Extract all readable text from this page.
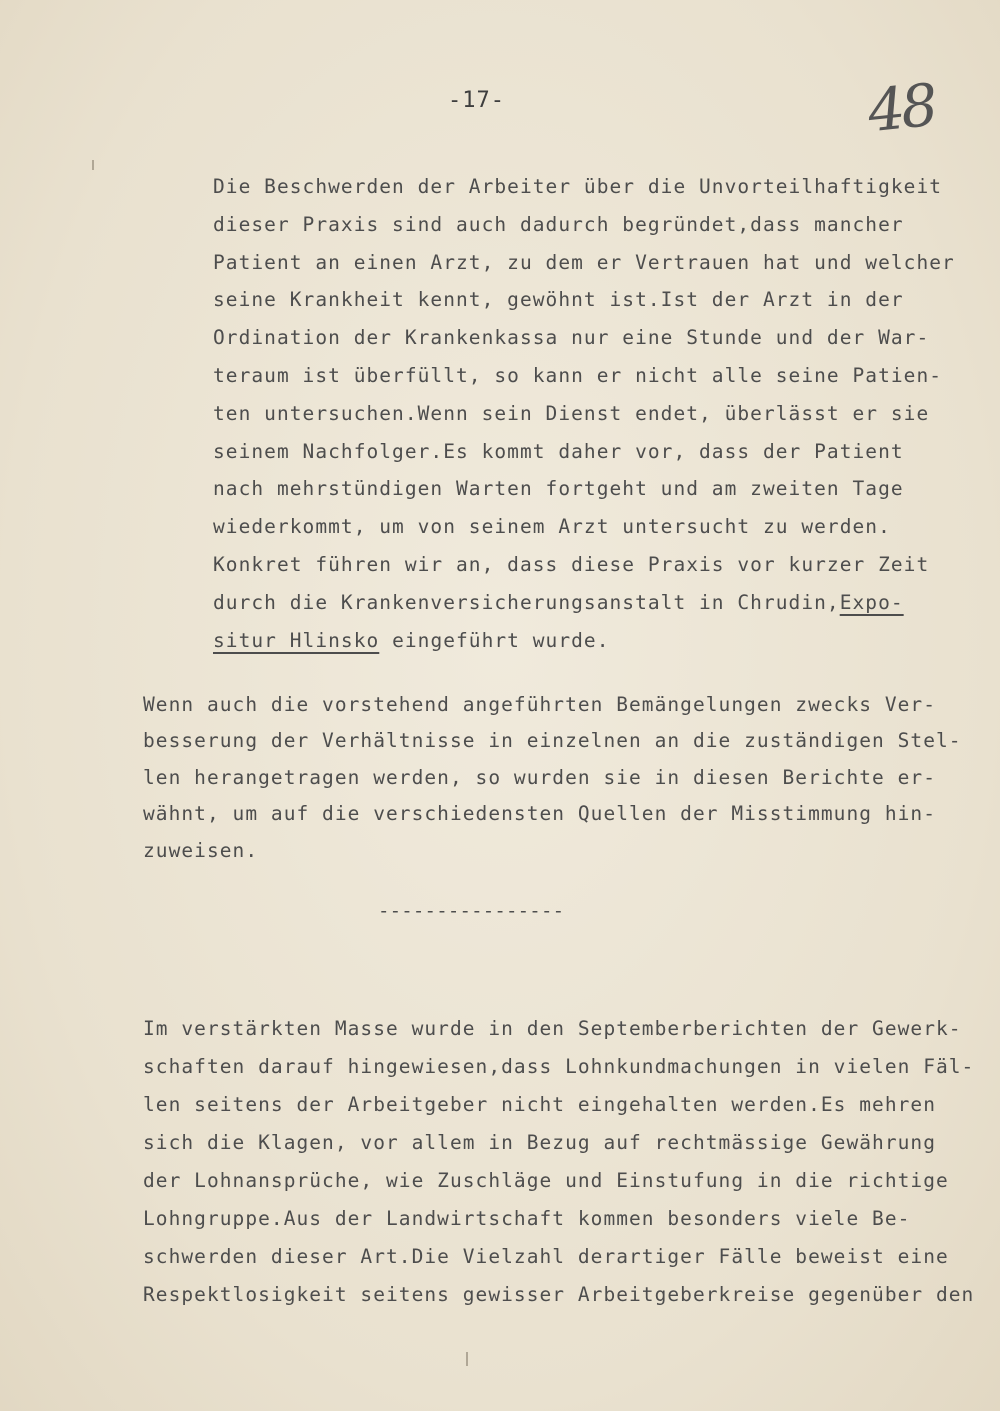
-17-	48
Die Beschwerden der Arbeiter über die Unvorteilhaftigkeit
dieser Praxis sind auch dadurch begründet,dass mancher
Patient an einen Arzt, zu dem er Vertrauen hat und welcher
seine Krankheit kennt, gewöhnt ist.Ist der Arzt in der
Ordination der Krankenkassa nur eine Stunde und der War-
teraum ist überfüllt, so kann er nicht alle seine Patien-
ten untersuchen.Wenn sein Dienst endet, überlässt er sie
seinem Nachfolger.Es kommt daher vor, dass der Patient
nach mehrstündigen Warten fortgeht und am zweiten Tage
wiederkommt, um von seinem Arzt untersucht zu werden.
Konkret führen wir an, dass diese Praxis vor kurzer Zeit
durch die Krankenversicherungsanstalt in Chrudin,Expo-
situr Hlinsko eingeführt wurde.
Wenn auch die vorstehend angeführten Bemängelungen zwecks Ver-
besserung der Verhältnisse in einzelnen an die zuständigen Stel-
len herangetragen werden, so wurden sie in diesen Berichte er-
wähnt, um auf die verschiedensten Quellen der Misstimmung hin-
zuweisen.
----------------
Im verstärkten Masse wurde in den Septemberberichten der Gewerk-
schaften darauf hingewiesen,dass Lohnkundmachungen in vielen Fäl-
len seitens der Arbeitgeber nicht eingehalten werden.Es mehren
sich die Klagen, vor allem in Bezug auf rechtmässige Gewährung
der Lohnansprüche, wie Zuschläge und Einstufung in die richtige
Lohngruppe.Aus der Landwirtschaft kommen besonders viele Be-
schwerden dieser Art.Die Vielzahl derartiger Fälle beweist eine
Respektlosigkeit seitens gewisser Arbeitgeberkreise gegenüber den
